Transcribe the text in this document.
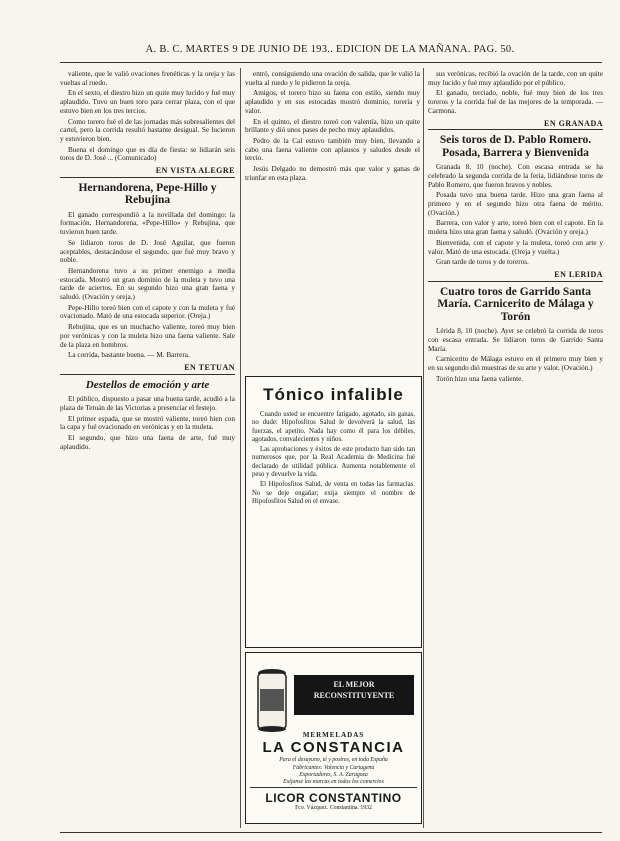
A. B. C. MARTES 9 DE JUNIO DE 193.. EDICION DE LA MAÑANA. PAG. 50.

valiente, que le valió ovaciones frenéticas y la oreja y las vueltas al ruedo.

En el sexto, el diestro hizo un quite muy lucido y fué muy aplaudido. Tuvo un buen toro para cerrar plaza, con el que estuvo bien en los tres tercios.

Como torero fué el de las jornadas más sobresalientes del cartel, pero la corrida resultó bastante desigual. Se lucieron y estuvieron bien.

Buena el domingo que es día de fiesta: se lidiarán seis toros de D. José ... (Comunicado)

EN VISTA ALEGRE
Hernandorena, Pepe-Hillo y Rebujina

El ganado correspondió a la novillada del domingo: la formación, Hernandorena, «Pepe-Hillo» y Rebujina, que tuvieron buen tarde.

Se lidiaron toros de D. José Aguilar, que fueron aceptables, destacándose el segundo, que fué muy bravo y noble.

Hernandorena tuvo a su primer enemigo a media estocada. Mostró un gran dominio de la muleta y tuvo una tarde de aciertos. En su segundo hizo una gran faena y saludó. (Ovación y oreja.)

Pepe-Hillo toreó bien con el capote y con la muleta y fué ovacionado. Mató de una estocada superior. (Oreja.)

Rebujina, que es un muchacho valiente, toreó muy bien por verónicas y con la muleta hizo una faena valiente. Sale de la plaza en hombros.

La corrida, bastante buena. — M. Barrera.

EN TETUAN
Destellos de emoción y arte

El público, dispuesto a pasar una buena tarde, acudió a la plaza de Tetuán de las Victorias a presenciar el festejo.

El primer espada, que se mostró valiente, toreó bien con la capa y fué ovacionado en verónicas y en la muleta.

El segundo, que hizo una faena de arte, fué muy aplaudido.

entró, consiguiendo una ovación de salida, que le valió la vuelta al ruedo y le pidieron la oreja.

Amigos, el torero hizo su faena con estilo, siendo muy aplaudido y en sus estocadas mostró dominio, torería y valor.

En el quinto, el diestro toreó con valentía, hizo un quite brillante y dió unos pases de pecho muy aplaudidos.

Pedro de la Cal estuvo también muy bien, llevando a cabo una faena valiente con aplausos y saludos desde el tercio.

Jesús Delgado no demostró más que valor y ganas de triunfar en esta plaza.

Tónico infalible

Cuando usted se encuentre fatigado, agotado, sin ganas, no dude: Hipofosfitos Salud le devolverá la salud, las fuerzas, el apetito. Nada hay como él para los débiles, agotados, convalecientes y niños.

Las aprobaciones y éxitos de este producto han sido tan numerosos que, por la Real Academia de Medicina fué declarado de utilidad pública. Aumenta notablemente el peso y devuelve la vida.

El Hipofosfitos Salud, de venta en todas las farmacias. No se deje engañar; exija siempre el nombre de Hipofosfitos Salud en el envase.

EL MEJOR RECONSTITUYENTE
MERMELADAS
LA CONSTANCIA
Para el desayuno, té y postres, en toda España
Fabricantes: Valencia y Cartagena
Exportadores, S. A. Zaragoza
Exíjanse las marcas en todos los comercios
LICOR CONSTANTINO
Fco. Vázquez. Constantina. 1932

sus verónicas, recibió la ovación de la tarde, con un quite muy lucido y fué muy aplaudido por el público.

El ganado, terciado, noble, fué muy bien de los tres toreros y la corrida fué de las mejores de la temporada. — Carmona.

EN GRANADA
Seis toros de D. Pablo Romero. Posada, Barrera y Bienvenida

Granada 8, 10 (noche). Con escasa entrada se ha celebrado la segunda corrida de la feria, lidiándose toros de Pablo Romero, que fueron bravos y nobles.

Posada tuvo una buena tarde. Hizo una gran faena al primero y en el segundo hizo otra faena de mérito. (Ovación.)

Barrera, con valor y arte, toreó bien con el capote. En la muleta hizo una gran faena y saludó. (Ovación y oreja.)

Bienvenida, con el capote y la muleta, toreó con arte y valor. Mató de una estocada. (Oreja y vuelta.)

Gran tarde de toros y de toreros.

EN LERIDA
Cuatro toros de Garrido Santa María. Carnicerito de Málaga y Torón

Lérida 8, 10 (noche). Ayer se celebró la corrida de toros con escasa entrada. Se lidiaron toros de Garrido Santa María.

Carnicerito de Málaga estuvo en el primero muy bien y en su segundo dió muestras de su arte y valor. (Ovación.)

Torón hizo una faena valiente.
